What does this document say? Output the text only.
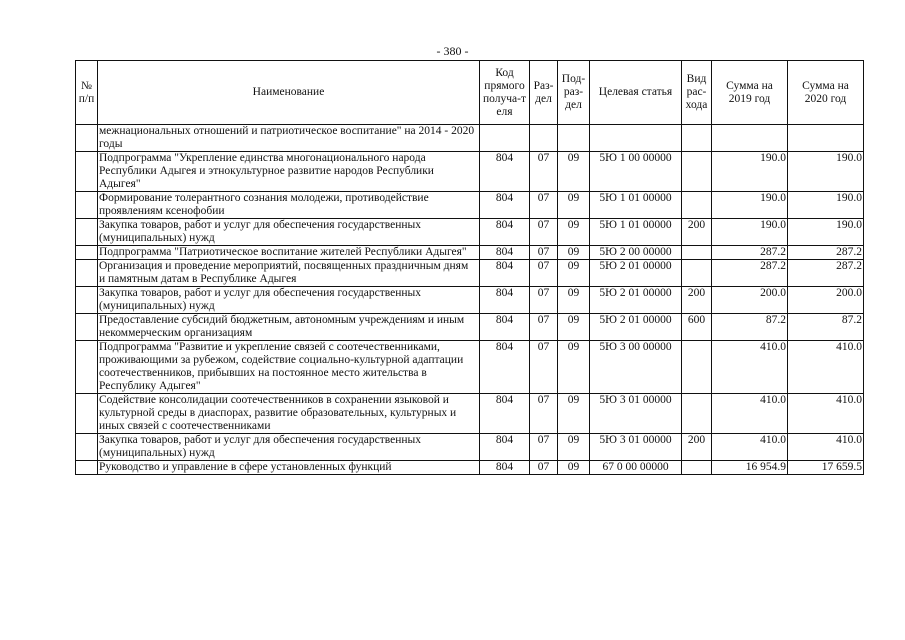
- 380 -
№ п/п	Наименование	Код прямого получа-т еля	Раз- дел	Под- раз- дел	Целевая статья	Вид рас- хода	Сумма на 2019 год	Сумма на 2020 год
	межнациональных отношений и патриотическое воспитание" на 2014 - 2020 годы							
	Подпрограмма "Укрепление единства многонационального народа Республики Адыгея и этнокультурное развитие народов Республики Адыгея"	804	07	09	5Ю 1 00 00000		190.0	190.0
	Формирование толерантного сознания молодежи, противодействие проявлениям ксенофобии	804	07	09	5Ю 1 01 00000		190.0	190.0
	Закупка товаров, работ и услуг для обеспечения государственных (муниципальных) нужд	804	07	09	5Ю 1 01 00000	200	190.0	190.0
	Подпрограмма "Патриотическое воспитание жителей Республики Адыгея"	804	07	09	5Ю 2 00 00000		287.2	287.2
	Организация и проведение мероприятий, посвященных праздничным дням и памятным датам в Республике Адыгея	804	07	09	5Ю 2 01 00000		287.2	287.2
	Закупка товаров, работ и услуг для обеспечения государственных (муниципальных) нужд	804	07	09	5Ю 2 01 00000	200	200.0	200.0
	Предоставление субсидий бюджетным, автономным учреждениям и иным некоммерческим организациям	804	07	09	5Ю 2 01 00000	600	87.2	87.2
	Подпрограмма "Развитие и укрепление связей с соотечественниками, проживающими за рубежом, содействие социально-культурной адаптации соотечественников, прибывших на постоянное место жительства в Республику Адыгея"	804	07	09	5Ю 3 00 00000		410.0	410.0
	Содействие консолидации соотечественников в сохранении языковой и культурной среды в диаспорах, развитие образовательных, культурных и иных связей с соотечественниками	804	07	09	5Ю 3 01 00000		410.0	410.0
	Закупка товаров, работ и услуг для обеспечения государственных (муниципальных) нужд	804	07	09	5Ю 3 01 00000	200	410.0	410.0
	Руководство и управление в сфере установленных функций	804	07	09	67 0 00 00000		16 954.9	17 659.5
